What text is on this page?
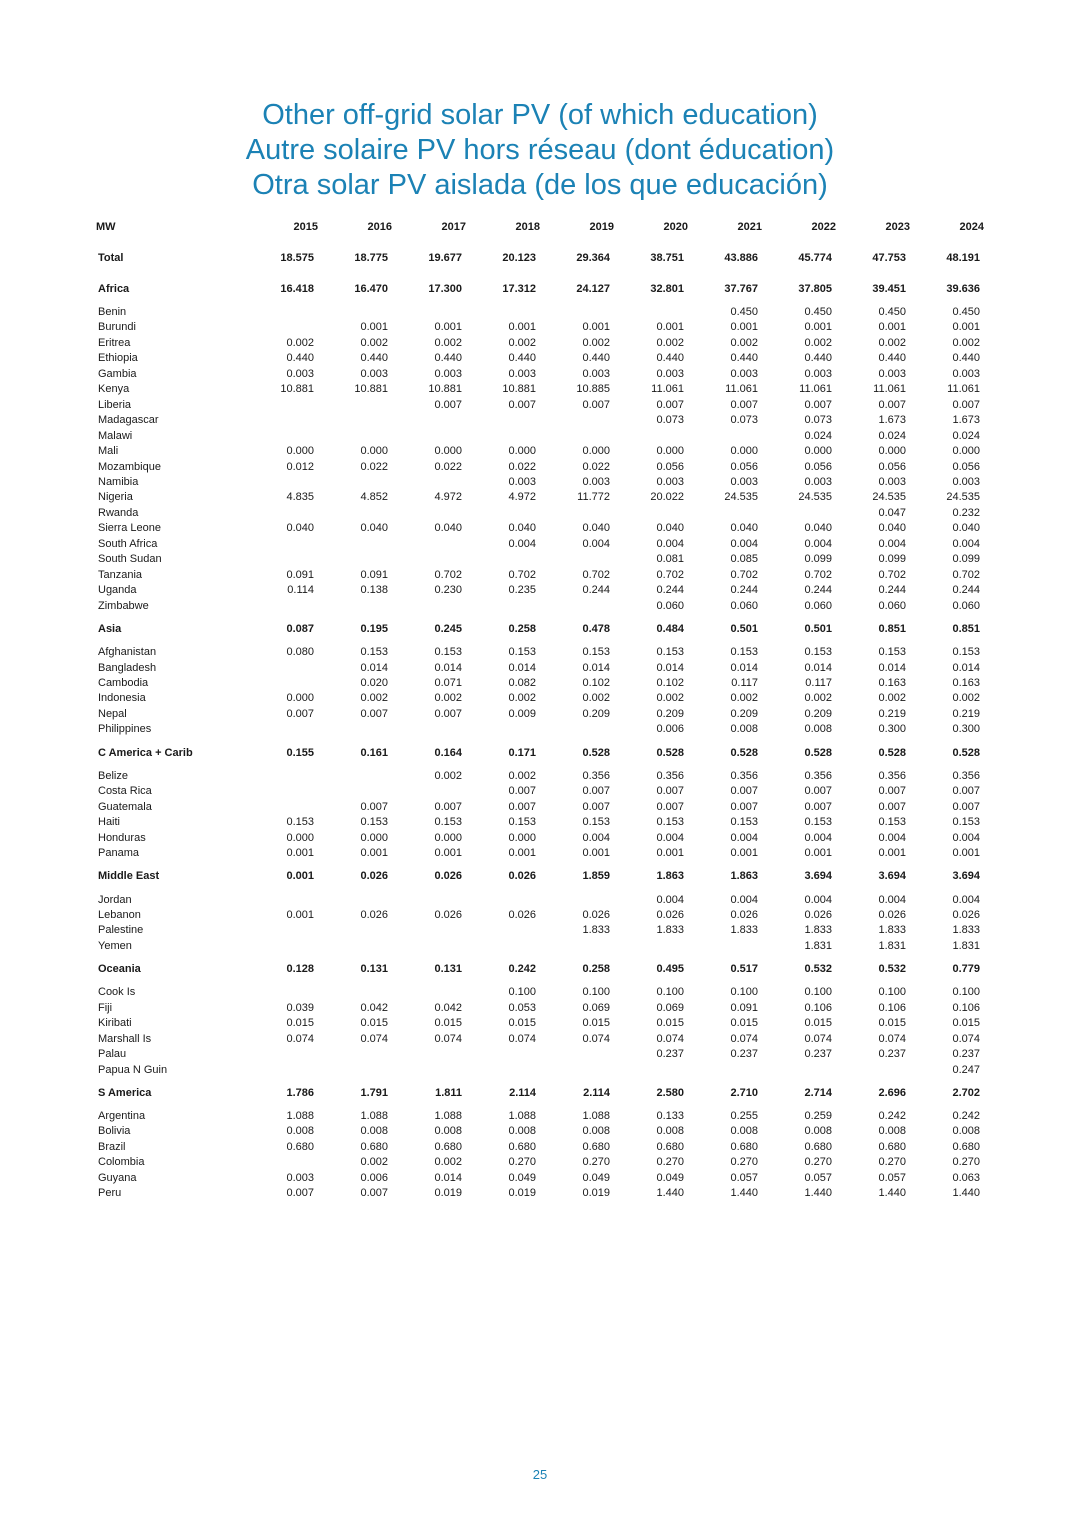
Other off-grid solar PV (of which education)
Autre solaire PV hors réseau (dont éducation)
Otra solar PV aislada (de los que educación)
MW	2015	2016	2017	2018	2019	2020	2021	2022	2023	2024
Total	18.575	18.775	19.677	20.123	29.364	38.751	43.886	45.774	47.753	48.191
Africa	16.418	16.470	17.300	17.312	24.127	32.801	37.767	37.805	39.451	39.636
Benin							0.450	0.450	0.450	0.450
Burundi		0.001	0.001	0.001	0.001	0.001	0.001	0.001	0.001	0.001
Eritrea	0.002	0.002	0.002	0.002	0.002	0.002	0.002	0.002	0.002	0.002
Ethiopia	0.440	0.440	0.440	0.440	0.440	0.440	0.440	0.440	0.440	0.440
Gambia	0.003	0.003	0.003	0.003	0.003	0.003	0.003	0.003	0.003	0.003
Kenya	10.881	10.881	10.881	10.881	10.885	11.061	11.061	11.061	11.061	11.061
Liberia			0.007	0.007	0.007	0.007	0.007	0.007	0.007	0.007
Madagascar						0.073	0.073	0.073	1.673	1.673
Malawi								0.024	0.024	0.024
Mali	0.000	0.000	0.000	0.000	0.000	0.000	0.000	0.000	0.000	0.000
Mozambique	0.012	0.022	0.022	0.022	0.022	0.056	0.056	0.056	0.056	0.056
Namibia				0.003	0.003	0.003	0.003	0.003	0.003	0.003
Nigeria	4.835	4.852	4.972	4.972	11.772	20.022	24.535	24.535	24.535	24.535
Rwanda									0.047	0.232
Sierra Leone	0.040	0.040	0.040	0.040	0.040	0.040	0.040	0.040	0.040	0.040
South Africa				0.004	0.004	0.004	0.004	0.004	0.004	0.004
South Sudan						0.081	0.085	0.099	0.099	0.099
Tanzania	0.091	0.091	0.702	0.702	0.702	0.702	0.702	0.702	0.702	0.702
Uganda	0.114	0.138	0.230	0.235	0.244	0.244	0.244	0.244	0.244	0.244
Zimbabwe						0.060	0.060	0.060	0.060	0.060
Asia	0.087	0.195	0.245	0.258	0.478	0.484	0.501	0.501	0.851	0.851
Afghanistan	0.080	0.153	0.153	0.153	0.153	0.153	0.153	0.153	0.153	0.153
Bangladesh		0.014	0.014	0.014	0.014	0.014	0.014	0.014	0.014	0.014
Cambodia		0.020	0.071	0.082	0.102	0.102	0.117	0.117	0.163	0.163
Indonesia	0.000	0.002	0.002	0.002	0.002	0.002	0.002	0.002	0.002	0.002
Nepal	0.007	0.007	0.007	0.009	0.209	0.209	0.209	0.209	0.219	0.219
Philippines						0.006	0.008	0.008	0.300	0.300
C America + Carib	0.155	0.161	0.164	0.171	0.528	0.528	0.528	0.528	0.528	0.528
Belize			0.002	0.002	0.356	0.356	0.356	0.356	0.356	0.356
Costa Rica				0.007	0.007	0.007	0.007	0.007	0.007	0.007
Guatemala		0.007	0.007	0.007	0.007	0.007	0.007	0.007	0.007	0.007
Haiti	0.153	0.153	0.153	0.153	0.153	0.153	0.153	0.153	0.153	0.153
Honduras	0.000	0.000	0.000	0.000	0.004	0.004	0.004	0.004	0.004	0.004
Panama	0.001	0.001	0.001	0.001	0.001	0.001	0.001	0.001	0.001	0.001
Middle East	0.001	0.026	0.026	0.026	1.859	1.863	1.863	3.694	3.694	3.694
Jordan						0.004	0.004	0.004	0.004	0.004
Lebanon	0.001	0.026	0.026	0.026	0.026	0.026	0.026	0.026	0.026	0.026
Palestine					1.833	1.833	1.833	1.833	1.833	1.833
Yemen								1.831	1.831	1.831
Oceania	0.128	0.131	0.131	0.242	0.258	0.495	0.517	0.532	0.532	0.779
Cook Is				0.100	0.100	0.100	0.100	0.100	0.100	0.100
Fiji	0.039	0.042	0.042	0.053	0.069	0.069	0.091	0.106	0.106	0.106
Kiribati	0.015	0.015	0.015	0.015	0.015	0.015	0.015	0.015	0.015	0.015
Marshall Is	0.074	0.074	0.074	0.074	0.074	0.074	0.074	0.074	0.074	0.074
Palau						0.237	0.237	0.237	0.237	0.237
Papua N Guin										0.247
S America	1.786	1.791	1.811	2.114	2.114	2.580	2.710	2.714	2.696	2.702
Argentina	1.088	1.088	1.088	1.088	1.088	0.133	0.255	0.259	0.242	0.242
Bolivia	0.008	0.008	0.008	0.008	0.008	0.008	0.008	0.008	0.008	0.008
Brazil	0.680	0.680	0.680	0.680	0.680	0.680	0.680	0.680	0.680	0.680
Colombia		0.002	0.002	0.270	0.270	0.270	0.270	0.270	0.270	0.270
Guyana	0.003	0.006	0.014	0.049	0.049	0.049	0.057	0.057	0.057	0.063
Peru	0.007	0.007	0.019	0.019	0.019	1.440	1.440	1.440	1.440	1.440
25
